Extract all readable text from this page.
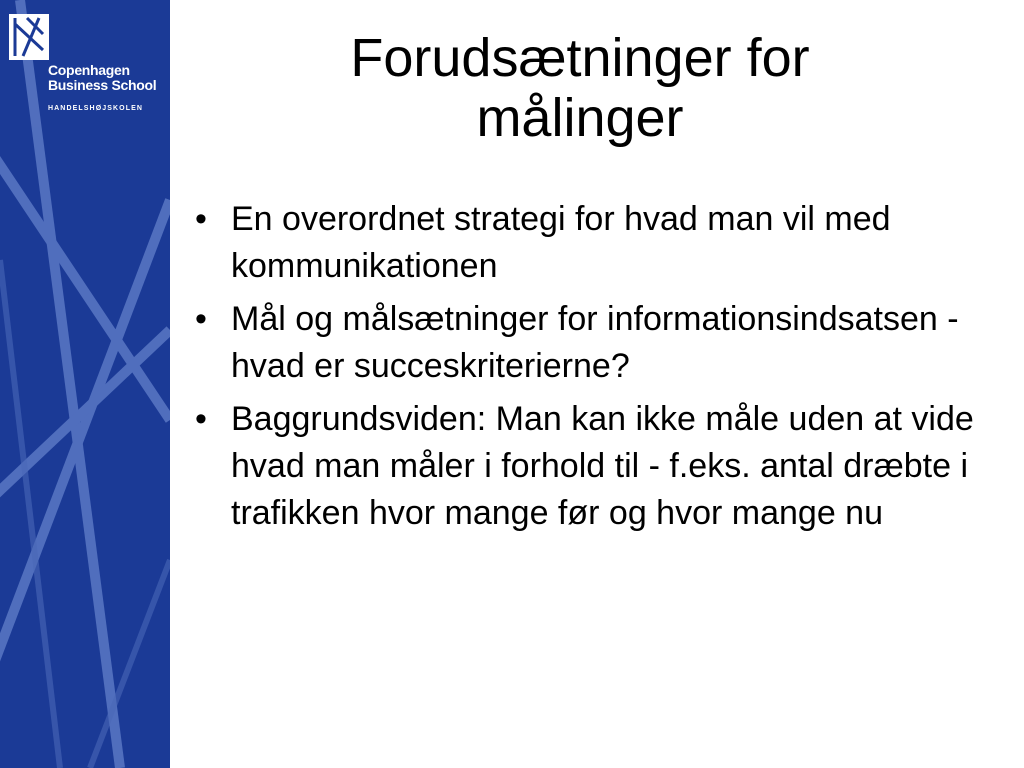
Copenhagen
Business School
HANDELSHØJSKOLEN
Forudsætninger for
målinger
• En overordnet strategi for hvad man vil med kommunikationen
• Mål og målsætninger for informationsindsatsen - hvad er succeskriterierne?
• Baggrundsviden: Man kan ikke måle uden at vide hvad man måler i forhold til - f.eks. antal dræbte i trafikken hvor mange før og hvor mange nu
